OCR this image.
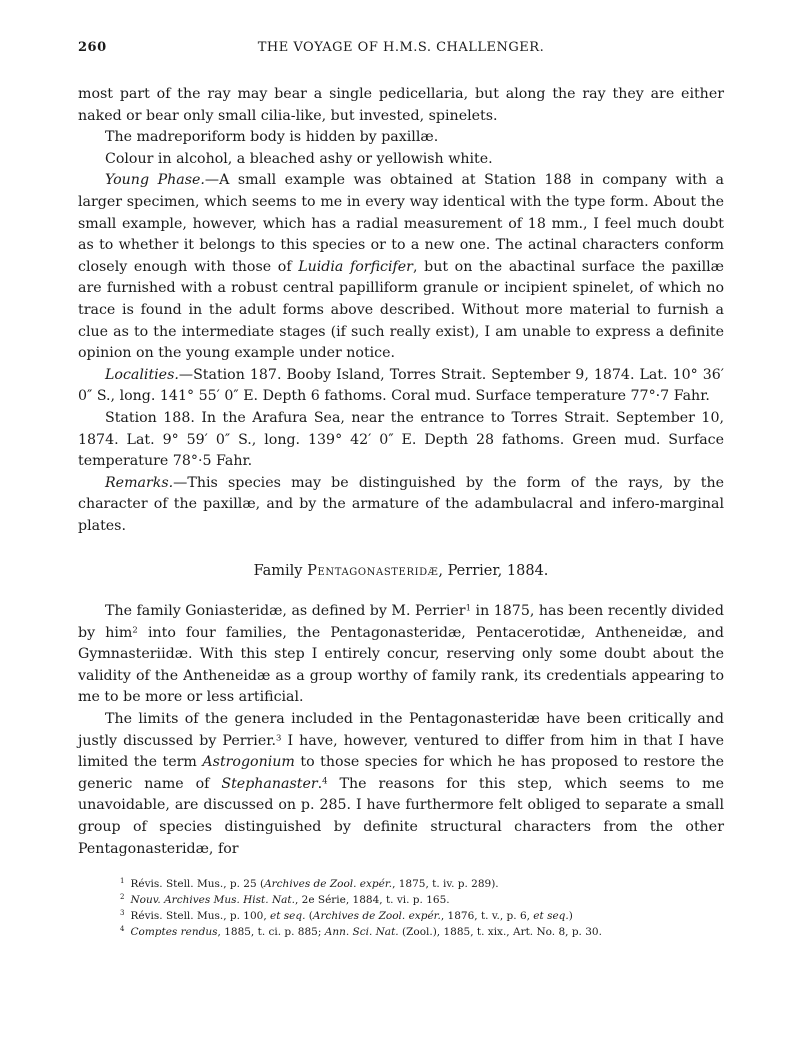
260	THE VOYAGE OF H.M.S. CHALLENGER.

most part of the ray may bear a single pedicellaria, but along the ray they are either naked or bear only small cilia-like, but invested, spinelets.

The madreporiform body is hidden by paxillæ.

Colour in alcohol, a bleached ashy or yellowish white.

Young Phase.—A small example was obtained at Station 188 in company with a larger specimen, which seems to me in every way identical with the type form. About the small example, however, which has a radial measurement of 18 mm., I feel much doubt as to whether it belongs to this species or to a new one. The actinal characters conform closely enough with those of Luidia forficifer, but on the abactinal surface the paxillæ are furnished with a robust central papilliform granule or incipient spinelet, of which no trace is found in the adult forms above described. Without more material to furnish a clue as to the intermediate stages (if such really exist), I am unable to express a definite opinion on the young example under notice.

Localities.—Station 187. Booby Island, Torres Strait. September 9, 1874. Lat. 10° 36′ 0″ S., long. 141° 55′ 0″ E. Depth 6 fathoms. Coral mud. Surface temperature 77°·7 Fahr.

Station 188. In the Arafura Sea, near the entrance to Torres Strait. September 10, 1874. Lat. 9° 59′ 0″ S., long. 139° 42′ 0″ E. Depth 28 fathoms. Green mud. Surface temperature 78°·5 Fahr.

Remarks.—This species may be distinguished by the form of the rays, by the character of the paxillæ, and by the armature of the adambulacral and infero-marginal plates.

Family Pentagonasteridæ, Perrier, 1884.

The family Goniasteridæ, as defined by M. Perrier$^1$ in 1875, has been recently divided by him$^2$ into four families, the Pentagonasteridæ, Pentacerotidæ, Antheneidæ, and Gymnasteriidæ. With this step I entirely concur, reserving only some doubt about the validity of the Antheneidæ as a group worthy of family rank, its credentials appearing to me to be more or less artificial.

The limits of the genera included in the Pentagonasteridæ have been critically and justly discussed by Perrier.$^3$ I have, however, ventured to differ from him in that I have limited the term Astrogonium to those species for which he has proposed to restore the generic name of Stephanaster.$^4$ The reasons for this step, which seems to me unavoidable, are discussed on p. 285. I have furthermore felt obliged to separate a small group of species distinguished by definite structural characters from the other Pentagonasteridæ, for

$^1$ Révis. Stell. Mus., p. 25 (Archives de Zool. expér., 1875, t. iv. p. 289).

$^2$ Nouv. Archives Mus. Hist. Nat., 2e Série, 1884, t. vi. p. 165.

$^3$ Révis. Stell. Mus., p. 100, et seq. (Archives de Zool. expér., 1876, t. v., p. 6, et seq.)

$^4$ Comptes rendus, 1885, t. ci. p. 885; Ann. Sci. Nat. (Zool.), 1885, t. xix., Art. No. 8, p. 30.
